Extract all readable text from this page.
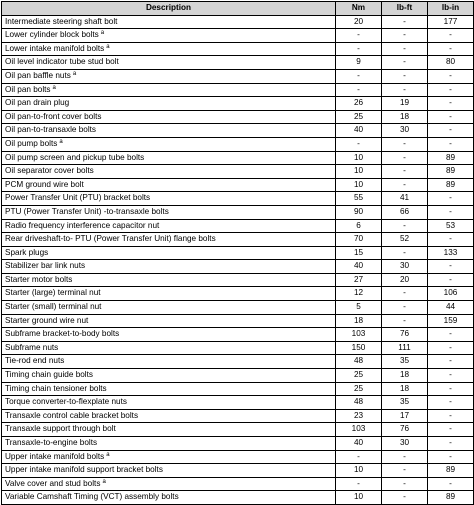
Description	Nm	lb-ft	lb-in
Intermediate steering shaft bolt	20	-	177
Lower cylinder block bolts $^a$	-	-	-
Lower intake manifold bolts $^a$	-	-	-
Oil level indicator tube stud bolt	9	-	80
Oil pan baffle nuts $^a$	-	-	-
Oil pan bolts $^a$	-	-	-
Oil pan drain plug	26	19	-
Oil pan-to-front cover bolts	25	18	-
Oil pan-to-transaxle bolts	40	30	-
Oil pump bolts $^a$	-	-	-
Oil pump screen and pickup tube bolts	10	-	89
Oil separator cover bolts	10	-	89
PCM ground wire bolt	10	-	89
Power Transfer Unit (PTU) bracket bolts	55	41	-
PTU (Power Transfer Unit) -to-transaxle bolts	90	66	-
Radio frequency interference capacitor nut	6	-	53
Rear driveshaft-to- PTU (Power Transfer Unit) flange bolts	70	52	-
Spark plugs	15	-	133
Stabilizer bar link nuts	40	30	-
Starter motor bolts	27	20	-
Starter (large) terminal nut	12	-	106
Starter (small) terminal nut	5	-	44
Starter ground wire nut	18	-	159
Subframe bracket-to-body bolts	103	76	-
Subframe nuts	150	111	-
Tie-rod end nuts	48	35	-
Timing chain guide bolts	25	18	-
Timing chain tensioner bolts	25	18	-
Torque converter-to-flexplate nuts	48	35	-
Transaxle control cable bracket bolts	23	17	-
Transaxle support through bolt	103	76	-
Transaxle-to-engine bolts	40	30	-
Upper intake manifold bolts $^a$	-	-	-
Upper intake manifold support bracket bolts	10	-	89
Valve cover and stud bolts $^a$	-	-	-
Variable Camshaft Timing (VCT) assembly bolts	10	-	89
